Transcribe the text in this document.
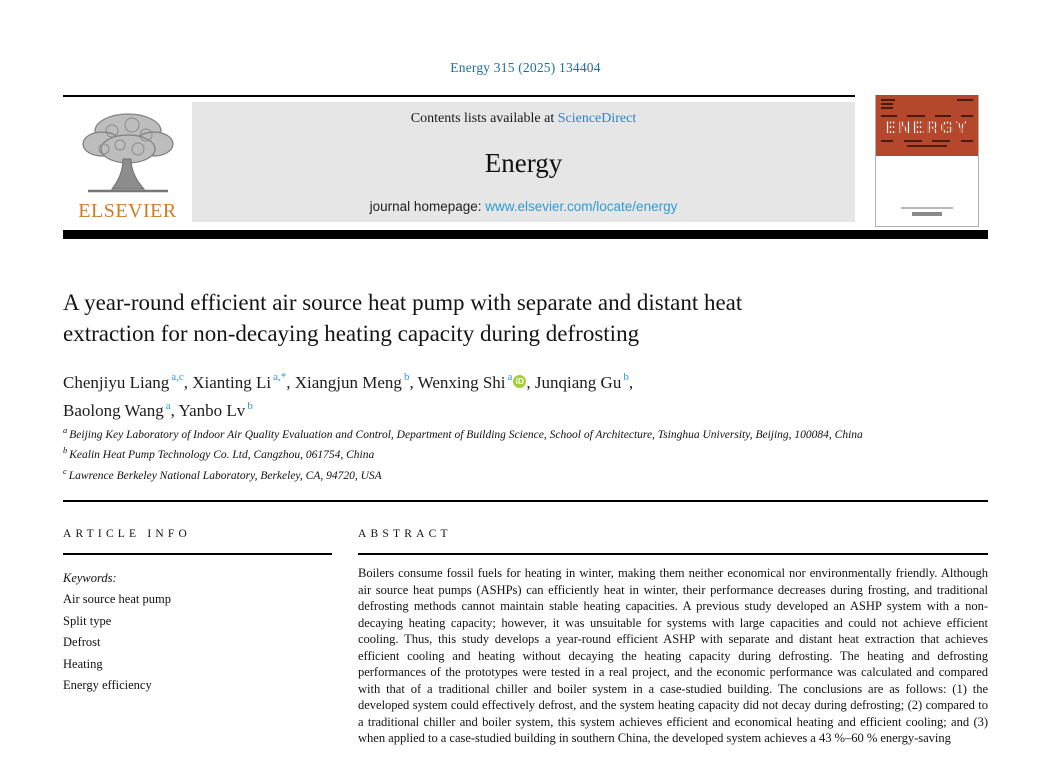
Energy 315 (2025) 134404
ELSEVIER
Contents lists available at ScienceDirect
Energy
journal homepage: www.elsevier.com/locate/energy
ENERGY
A year-round efficient air source heat pump with separate and distant heat
extraction for non-decaying heating capacity during defrosting
Chenjiyu Liang $^{a,c}$, Xianting Li $^{a,*}$, Xiangjun Meng $^b$, Wenxing Shi $^a$ iD , Junqiang Gu $^b$,
Baolong Wang $^a$, Yanbo Lv $^b$
$^a$ Beijing Key Laboratory of Indoor Air Quality Evaluation and Control, Department of Building Science, School of Architecture, Tsinghua University, Beijing, 100084, China
$^b$ Kealin Heat Pump Technology Co. Ltd, Cangzhou, 061754, China
$^c$ Lawrence Berkeley National Laboratory, Berkeley, CA, 94720, USA
ARTICLE INFO
Keywords:
Air source heat pump
Split type
Defrost
Heating
Energy efficiency
ABSTRACT
Boilers consume fossil fuels for heating in winter, making them neither economical nor environmentally friendly. Although air source heat pumps (ASHPs) can efficiently heat in winter, their performance decreases during frosting, and traditional defrosting methods cannot maintain stable heating capacities. A previous study developed an ASHP system with a non-decaying heating capacity; however, it was unsuitable for systems with large capacities and could not achieve efficient cooling. Thus, this study develops a year-round efficient ASHP with separate and distant heat extraction that achieves efficient cooling and heating without decaying the heating capacity during defrosting. The heating and defrosting performances of the prototypes were tested in a real project, and the economic performance was calculated and compared with that of a traditional chiller and boiler system in a case-studied building. The conclusions are as follows: (1) the developed system could effectively defrost, and the system heating capacity did not decay during defrosting; (2) compared to a traditional chiller and boiler system, this system achieves efficient and economical heating and efficient cooling; and (3) when applied to a case-studied building in southern China, the developed system achieves a 43 %–60 % energy-saving
